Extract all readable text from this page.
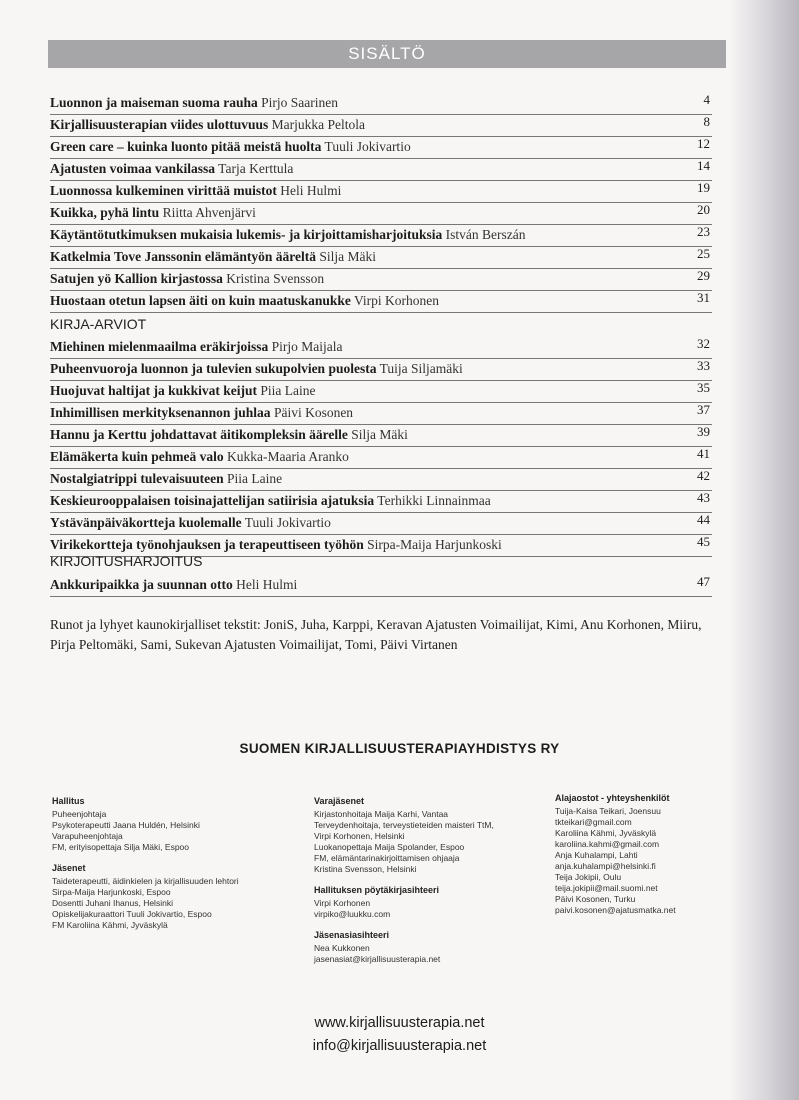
SISÄLTÖ
Luonnon ja maiseman suoma rauha Pirjo Saarinen	4
Kirjallisuusterapian viides ulottuvuus Marjukka Peltola	8
Green care – kuinka luonto pitää meistä huolta Tuuli Jokivartio	12
Ajatusten voimaa vankilassa Tarja Kerttula	14
Luonnossa kulkeminen virittää muistot Heli Hulmi	19
Kuikka, pyhä lintu Riitta Ahvenjärvi	20
Käytäntötutkimuksen mukaisia lukemis- ja kirjoittamisharjoituksia István Berszán	23
Katkelmia Tove Janssonin elämäntyön ääreltä Silja Mäki	25
Satujen yö Kallion kirjastossa Kristina Svensson	29
Huostaan otetun lapsen äiti on kuin maatuskanukke Virpi Korhonen	31
KIRJA-ARVIOT
Miehinen mielenmaailma eräkirjoissa Pirjo Maijala	32
Puheenvuoroja luonnon ja tulevien sukupolvien puolesta Tuija Siljamäki	33
Huojuvat haltijat ja kukkivat keijut Piia Laine	35
Inhimillisen merkityksenannon juhlaa Päivi Kosonen	37
Hannu ja Kerttu johdattavat äitikompleksin äärelle Silja Mäki	39
Elämäkerta kuin pehmeä valo Kukka-Maaria Aranko	41
Nostalgiatrippi tulevaisuuteen Piia Laine	42
Keskieurooppalaisen toisinajattelijan satiirisia ajatuksia Terhikki Linnainmaa	43
Ystävänpäiväkortteja kuolemalle Tuuli Jokivartio	44
Virikekortteja työnohjauksen ja terapeuttiseen työhön Sirpa-Maija Harjunkoski	45
KIRJOITUSHARJOITUS
Ankkuripaikka ja suunnan otto Heli Hulmi	47
Runot ja lyhyet kaunokirjalliset tekstit: JoniS, Juha, Karppi, Keravan Ajatusten Voimailijat, Kimi, Anu Korhonen, Miiru, Pirja Peltomäki, Sami, Sukevan Ajatusten Voimailijat, Tomi, Päivi Virtanen
SUOMEN KIRJALLISUUSTERAPIAYHDISTYS RY
Hallitus
Puheenjohtaja
Psykoterapeutti Jaana Huldén, Helsinki
Varapuheenjohtaja
FM, erityisopettaja Silja Mäki, Espoo
Jäsenet
Taideterapeutti, äidinkielen ja kirjallisuuden lehtori
Sirpa-Maija Harjunkoski, Espoo
Dosentti Juhani Ihanus, Helsinki
Opiskelijakuraattori Tuuli Jokivartio, Espoo
FM Karoliina Kähmi, Jyväskylä
Varajäsenet
Kirjastonhoitaja Maija Karhi, Vantaa
Terveydenhoitaja, terveystieteiden maisteri TtM,
Virpi Korhonen, Helsinki
Luokanopettaja Maija Spolander, Espoo
FM, elämäntarinakirjoittamisen ohjaaja
Kristina Svensson, Helsinki
Hallituksen pöytäkirjasihteeri
Virpi Korhonen
virpiko@luukku.com
Jäsenasiasihteeri
Nea Kukkonen
jasenasiat@kirjallisuusterapia.net
Alajaostot - yhteyshenkilöt
Tuija-Kaisa Teikari, Joensuu
tkteikari@gmail.com
Karoliina Kähmi, Jyväskylä
karoliina.kahmi@gmail.com
Anja Kuhalampi, Lahti
anja.kuhalampi@helsinki.fi
Teija Jokipii, Oulu
teija.jokipii@mail.suomi.net
Päivi Kosonen, Turku
paivi.kosonen@ajatusmatka.net
www.kirjallisuusterapia.net
info@kirjallisuusterapia.net
